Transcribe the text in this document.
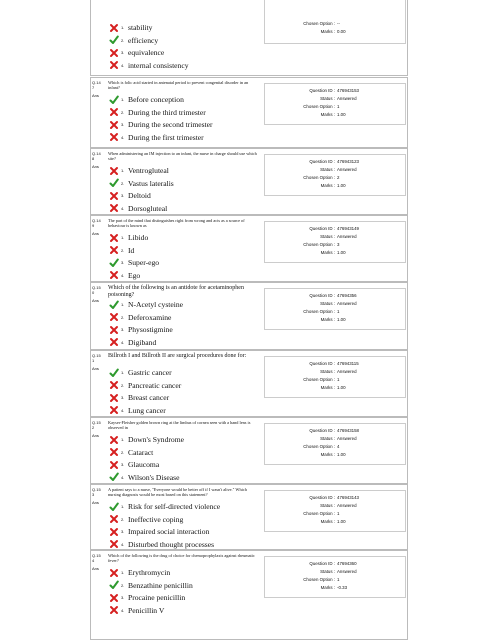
Chosen Option : --
Marks : 0.00
1. stability
2. efficiency
3. equivalence
4. internal consistency
Q.14
7
Which is folic acid started in antenatal period to prevent congenital disorder in an infant?
Ans
Question ID : 476943153
Status : Answered
Chosen Option : 1
Marks : 1.00
1. Before conception
2. During the third trimester
3. During the second trimester
4. During the first trimester
Q.14
8
When administering an IM injection to an infant, the nurse in charge should use which site?
Ans
Question ID : 476943123
Status : Answered
Chosen Option : 2
Marks : 1.00
1. Ventrogluteal
2. Vastus lateralis
3. Deltoid
4. Dorsogluteal
Q.14
9
The part of the mind that distinguishes right from wrong and acts as a source of behaviour is known as
Ans
Question ID : 476943149
Status : Answered
Chosen Option : 3
Marks : 1.00
1. Libido
2. Id
3. Super-ego
4. Ego
Q.15
0
Which of the following is an antidote for acetaminophen poisoning?
Ans
Question ID : 47694356
Status : Answered
Chosen Option : 1
Marks : 1.00
1. N-Acetyl cysteine
2. Deferoxamine
3. Physostigmine
4. Digiband
Q.15
1
Billroth I and Billroth II are surgical procedures done for:
Ans
Question ID : 476943115
Status : Answered
Chosen Option : 1
Marks : 1.00
1. Gastric cancer
2. Pancreatic cancer
3. Breast cancer
4. Lung cancer
Q.15
2
Kayser-Fleisher golden brown ring at the limbus of cornea seen with a hand lens is observed in
Ans
Question ID : 476943158
Status : Answered
Chosen Option : 4
Marks : 1.00
1. Down's Syndrome
2. Cataract
3. Glaucoma
4. Wilson's Disease
Q.15
3
A patient says to a nurse, "Everyone would be better off if I wasn't alive." Which nursing diagnosis would be most based on this statement?
Ans
Question ID : 476943143
Status : Answered
Chosen Option : 1
Marks : 1.00
1. Risk for self-directed violence
2. Ineffective coping
3. Impaired social interaction
4. Disturbed thought processes
Q.15
4
Which of the following is the drug of choice for chemoprophylaxis against rheumatic fever?
Ans
Question ID : 47694360
Status : Answered
Chosen Option : 1
Marks : -0.33
1. Erythromycin
2. Benzathine penicillin
3. Procaine penicillin
4. Penicillin V
